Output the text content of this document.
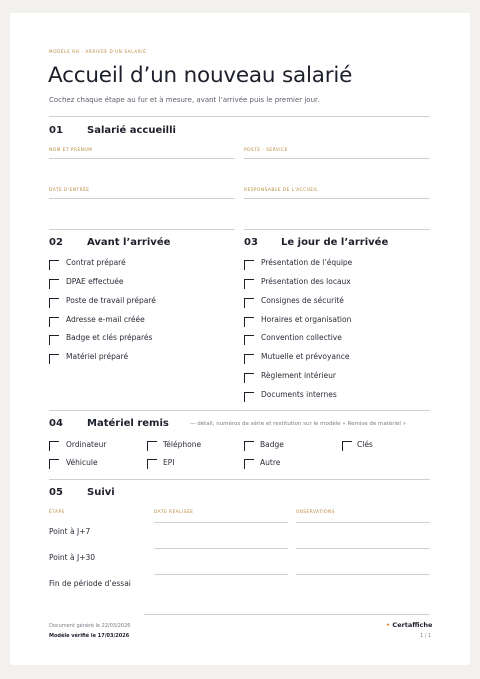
MODÈLE RH · ARRIVÉE D'UN SALARIÉ
Accueil d’un nouveau salarié
Cochez chaque étape au fur et à mesure, avant l’arrivée puis le premier jour.
01 Salarié accueilli
NOM ET PRÉNOM	POSTE · SERVICE
DATE D'ENTRÉE	RESPONSABLE DE L'ACCUEIL
02 Avant l’arrivée
Contrat préparé
DPAE effectuée
Poste de travail préparé
Adresse e-mail créée
Badge et clés préparés
Matériel préparé
03 Le jour de l’arrivée
Présentation de l’équipe
Présentation des locaux
Consignes de sécurité
Horaires et organisation
Convention collective
Mutuelle et prévoyance
Règlement intérieur
Documents internes
04 Matériel remis	— détail, numéros de série et restitution sur le modèle « Remise de matériel »
Ordinateur	Téléphone	Badge	Clés
Véhicule	EPI	Autre
05 Suivi
ÉTAPE	DATE RÉALISÉE	OBSERVATIONS
Point à J+7
Point à J+30
Fin de période d’essai
Document généré le 22/03/2026
Modèle vérifié le 17/03/2026
• Certaffiche
1 / 1
